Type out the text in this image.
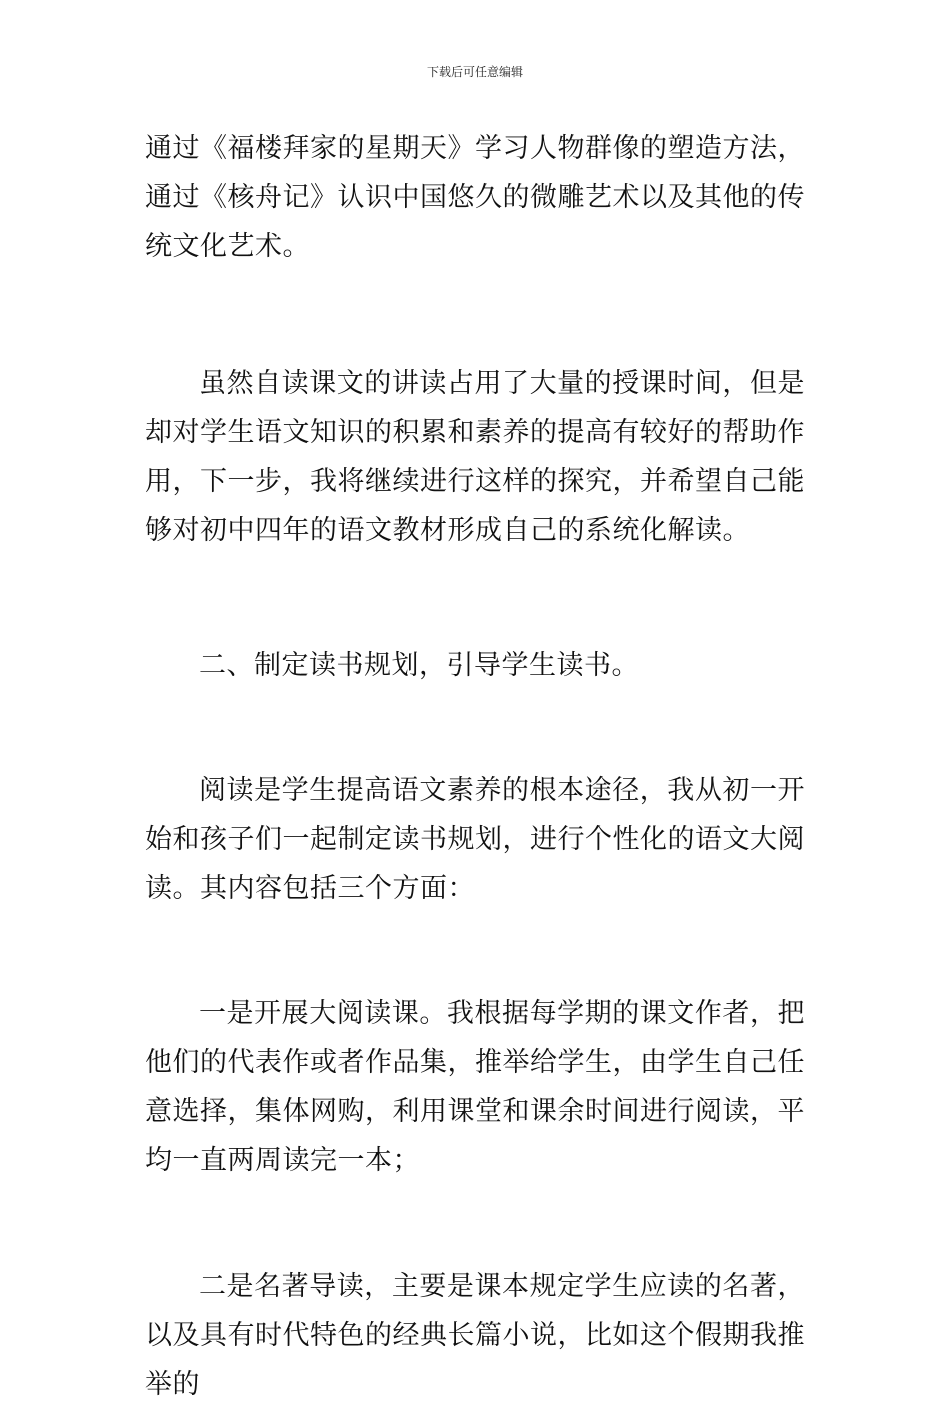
下载后可任意编辑

通过《福楼拜家的星期天》学习人物群像的塑造方法，通过《核舟记》认识中国悠久的微雕艺术以及其他的传统文化艺术。

虽然自读课文的讲读占用了大量的授课时间，但是却对学生语文知识的积累和素养的提高有较好的帮助作用，下一步，我将继续进行这样的探究，并希望自己能够对初中四年的语文教材形成自己的系统化解读。

二、制定读书规划，引导学生读书。

阅读是学生提高语文素养的根本途径，我从初一开始和孩子们一起制定读书规划，进行个性化的语文大阅读。其内容包括三个方面：

一是开展大阅读课。我根据每学期的课文作者，把他们的代表作或者作品集，推举给学生，由学生自己任意选择，集体网购，利用课堂和课余时间进行阅读，平均一直两周读完一本；

二是名著导读，主要是课本规定学生应读的名著，以及具有时代特色的经典长篇小说，比如这个假期我推举的
